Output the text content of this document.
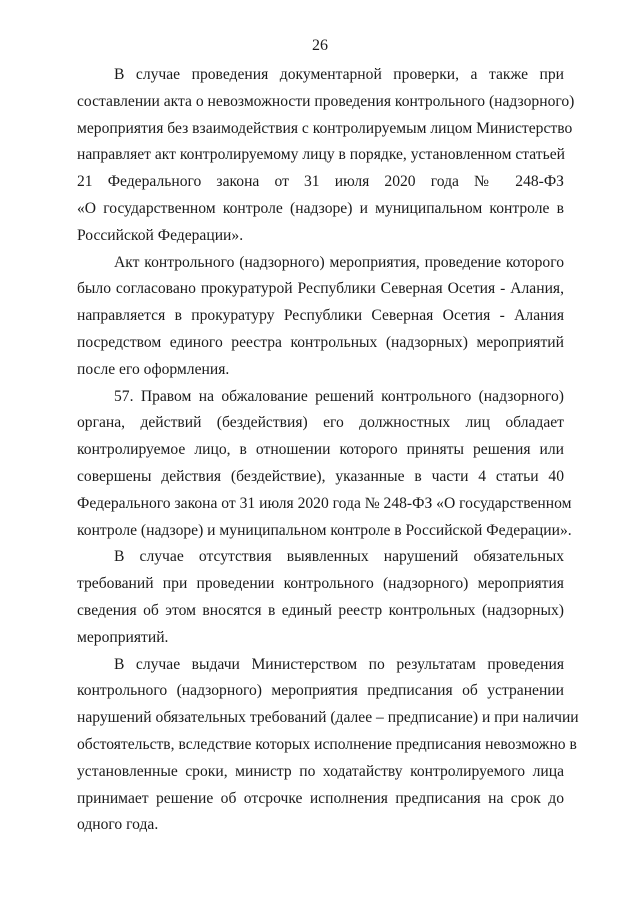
26

В случае проведения документарной проверки, а также при
составлении акта о невозможности проведения контрольного (надзорного)
мероприятия без взаимодействия с контролируемым лицом Министерство
направляет акт контролируемому лицу в порядке, установленном статьей
21 Федерального закона от 31 июля 2020 года № 248-ФЗ
«О государственном контроле (надзоре) и муниципальном контроле в
Российской Федерации».

Акт контрольного (надзорного) мероприятия, проведение которого
было согласовано прокуратурой Республики Северная Осетия - Алания,
направляется в прокуратуру Республики Северная Осетия - Алания
посредством единого реестра контрольных (надзорных) мероприятий
после его оформления.

57. Правом на обжалование решений контрольного (надзорного)
органа, действий (бездействия) его должностных лиц обладает
контролируемое лицо, в отношении которого приняты решения или
совершены действия (бездействие), указанные в части 4 статьи 40
Федерального закона от 31 июля 2020 года № 248-ФЗ «О государственном
контроле (надзоре) и муниципальном контроле в Российской Федерации».

В случае отсутствия выявленных нарушений обязательных
требований при проведении контрольного (надзорного) мероприятия
сведения об этом вносятся в единый реестр контрольных (надзорных)
мероприятий.

В случае выдачи Министерством по результатам проведения
контрольного (надзорного) мероприятия предписания об устранении
нарушений обязательных требований (далее – предписание) и при наличии
обстоятельств, вследствие которых исполнение предписания невозможно в
установленные сроки, министр по ходатайству контролируемого лица
принимает решение об отсрочке исполнения предписания на срок до
одного года.
